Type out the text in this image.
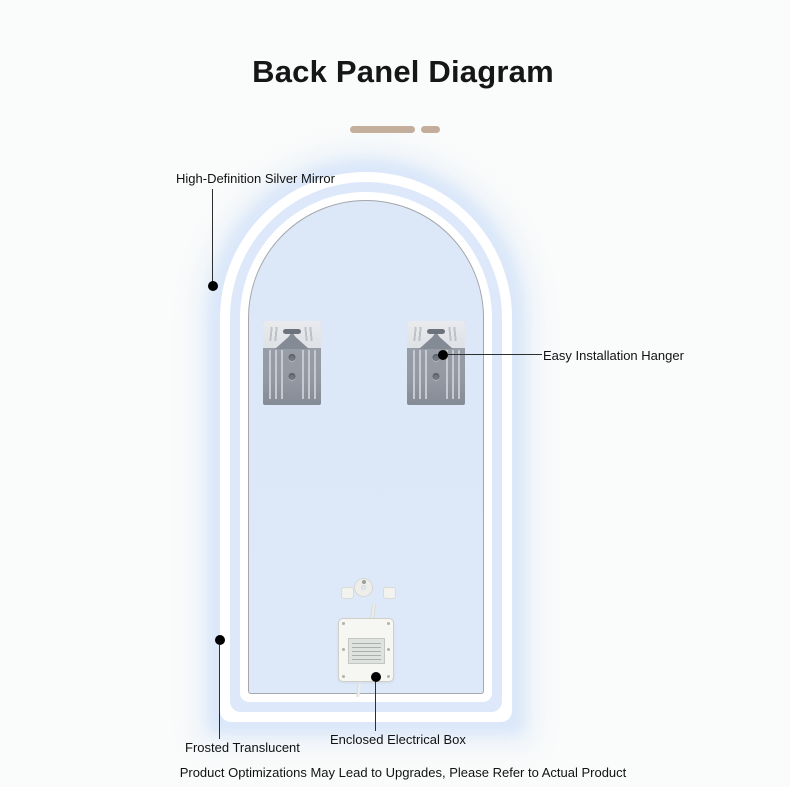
Back Panel Diagram
High-Definition Silver Mirror
Easy Installation Hanger
Frosted Translucent
Enclosed Electrical Box
Product Optimizations May Lead to Upgrades, Please Refer to Actual Product
